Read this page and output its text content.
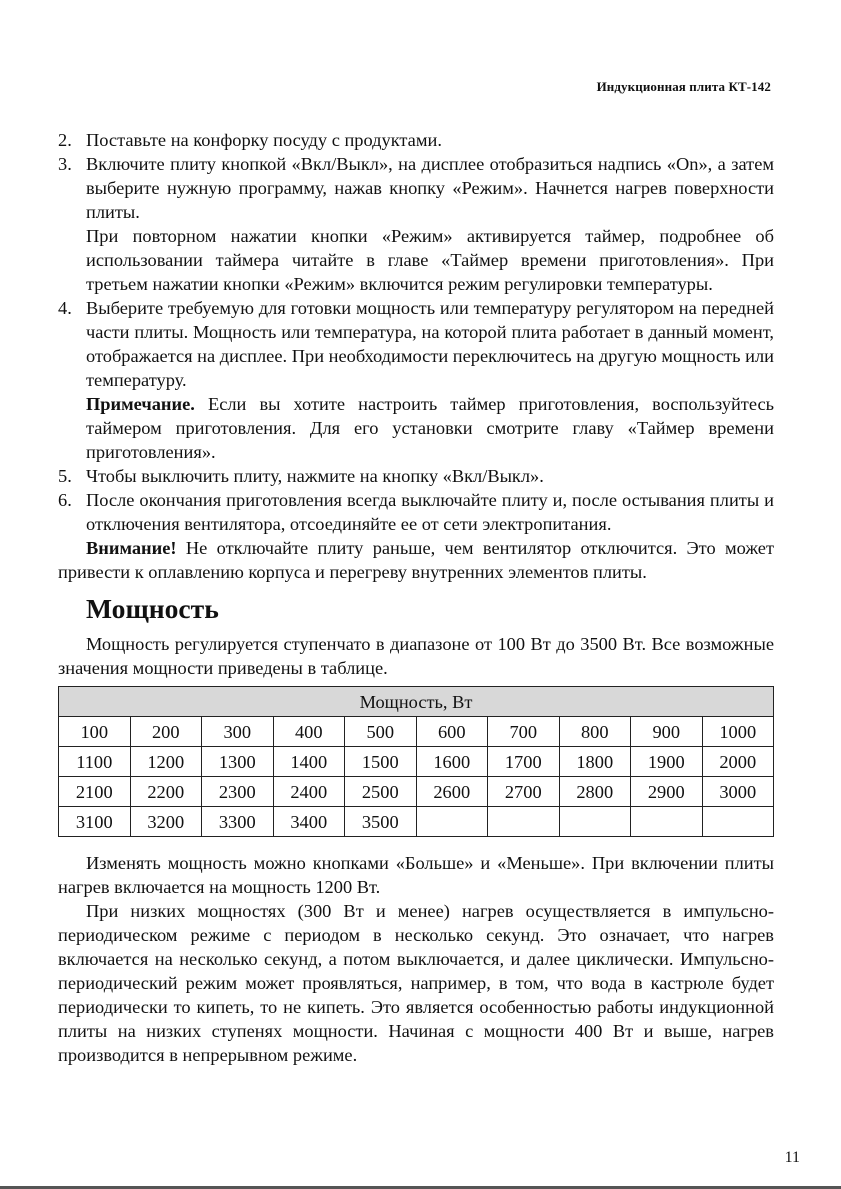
Индукционная плита КТ-142
2. Поставьте на конфорку посуду с продуктами.

3. Включите плиту кнопкой «Вкл/Выкл», на дисплее отобразиться надпись «On», а затем выберите нужную программу, нажав кнопку «Режим». Начнется нагрев поверхности плиты.

При повторном нажатии кнопки «Режим» активируется таймер, подробнее об использовании таймера читайте в главе «Таймер времени приготовления». При третьем нажатии кнопки «Режим» включится режим регулировки температуры.

4. Выберите требуемую для готовки мощность или температуру регулятором на передней части плиты. Мощность или температура, на которой плита работает в данный момент, отображается на дисплее. При необходимости переключитесь на другую мощность или температуру.

Примечание. Если вы хотите настроить таймер приготовления, воспользуйтесь таймером приготовления. Для его установки смотрите главу «Таймер времени приготовления».

5. Чтобы выключить плиту, нажмите на кнопку «Вкл/Выкл».

6. После окончания приготовления всегда выключайте плиту и, после остывания плиты и отключения вентилятора, отсоединяйте ее от сети электропитания.

Внимание! Не отключайте плиту раньше, чем вентилятор отключится. Это может привести к оплавлению корпуса и перегреву внутренних элементов плиты.

Мощность

Мощность регулируется ступенчато в диапазоне от 100 Вт до 3500 Вт. Все возможные значения мощности приведены в таблице.

Мощность, Вт									
100	200	300	400	500	600	700	800	900	1000
1100	1200	1300	1400	1500	1600	1700	1800	1900	2000
2100	2200	2300	2400	2500	2600	2700	2800	2900	3000
3100	3200	3300	3400	3500					

Изменять мощность можно кнопками «Больше» и «Меньше». При включении плиты нагрев включается на мощность 1200 Вт.

При низких мощностях (300 Вт и менее) нагрев осуществляется в импульсно-периодическом режиме с периодом в несколько секунд. Это означает, что нагрев включается на несколько секунд, а потом выключается, и далее циклически. Импульсно-периодический режим может проявляться, например, в том, что вода в кастрюле будет периодически то кипеть, то не кипеть. Это является особенностью работы индукционной плиты на низких ступенях мощности. Начиная с мощности 400 Вт и выше, нагрев производится в непрерывном режиме.

11
